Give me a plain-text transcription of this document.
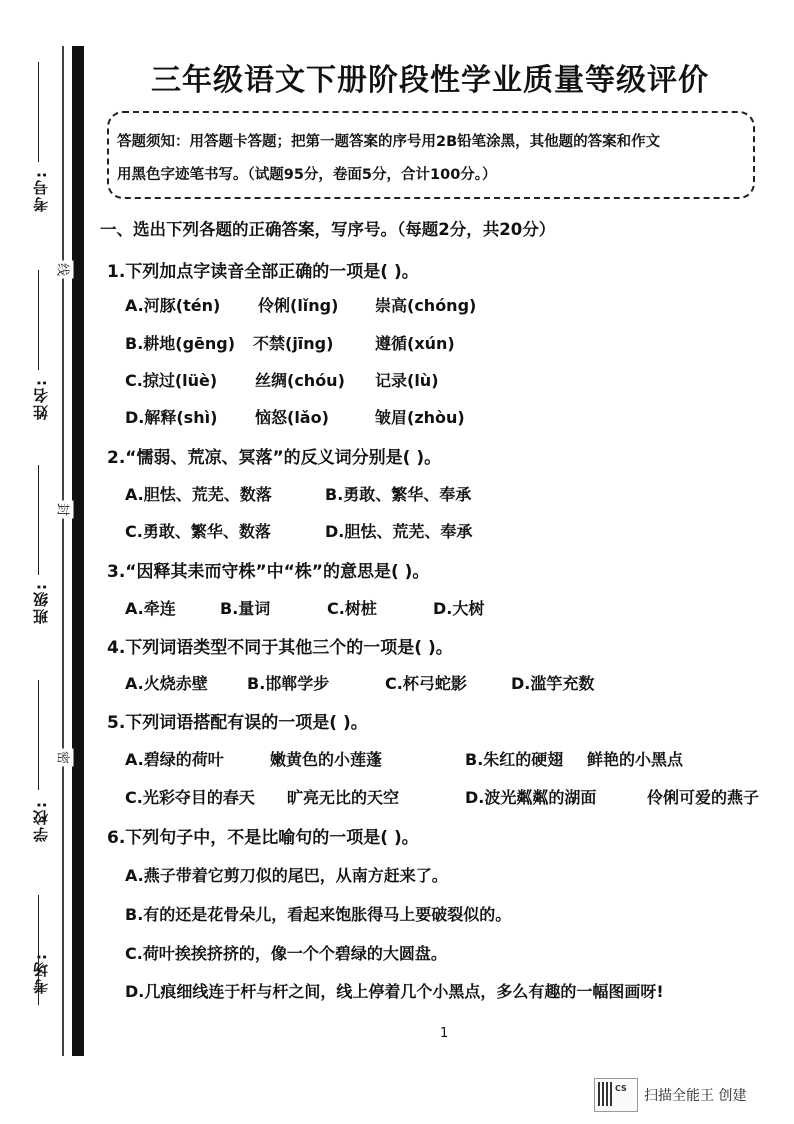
考号:
姓名:
班级:
学校:
考场:
线
封
密
三年级语文下册阶段性学业质量等级评价
答题须知：用答题卡答题；把第一题答案的序号用2B铅笔涂黑，其他题的答案和作文
用黑色字迹笔书写。（试题95分，卷面5分，合计100分。）
一、选出下列各题的正确答案，写序号。（每题2分，共20分）
1.下列加点字读音全部正确的一项是( )。
A.河豚(tén) 伶俐(lǐng) 崇高(chóng)
B.耕地(gēng) 不禁(jīng)	遵循(xún)
C.掠过(lüè) 丝绸(chóu) 记录(lù)
D.解释(shì) 恼怒(lǎo)	皱眉(zhòu)
2.“懦弱、荒凉、冥落”的反义词分别是( )。
A.胆怯、荒芜、数落	B.勇敢、繁华、奉承
C.勇敢、繁华、数落	D.胆怯、荒芜、奉承
3.“因释其耒而守株”中“株”的意思是( )。
A.牵连	B.量词	C.树桩	D.大树
4.下列词语类型不同于其他三个的一项是( )。
A.火烧赤壁 B.邯郸学步	C.杯弓蛇影	D.滥竽充数
5.下列词语搭配有误的一项是( )。
A.碧绿的荷叶	嫩黄色的小莲蓬	B.朱红的硬翅 鲜艳的小黑点
C.光彩夺目的春天 旷亮无比的天空	D.波光粼粼的湖面	伶俐可爱的燕子
6.下列句子中，不是比喻句的一项是( )。
A.燕子带着它剪刀似的尾巴，从南方赶来了。
B.有的还是花骨朵儿，看起来饱胀得马上要破裂似的。
C.荷叶挨挨挤挤的，像一个个碧绿的大圆盘。
D.几痕细线连于杆与杆之间，线上停着几个小黑点，多么有趣的一幅图画呀!
1
CS 扫描全能王 创建
